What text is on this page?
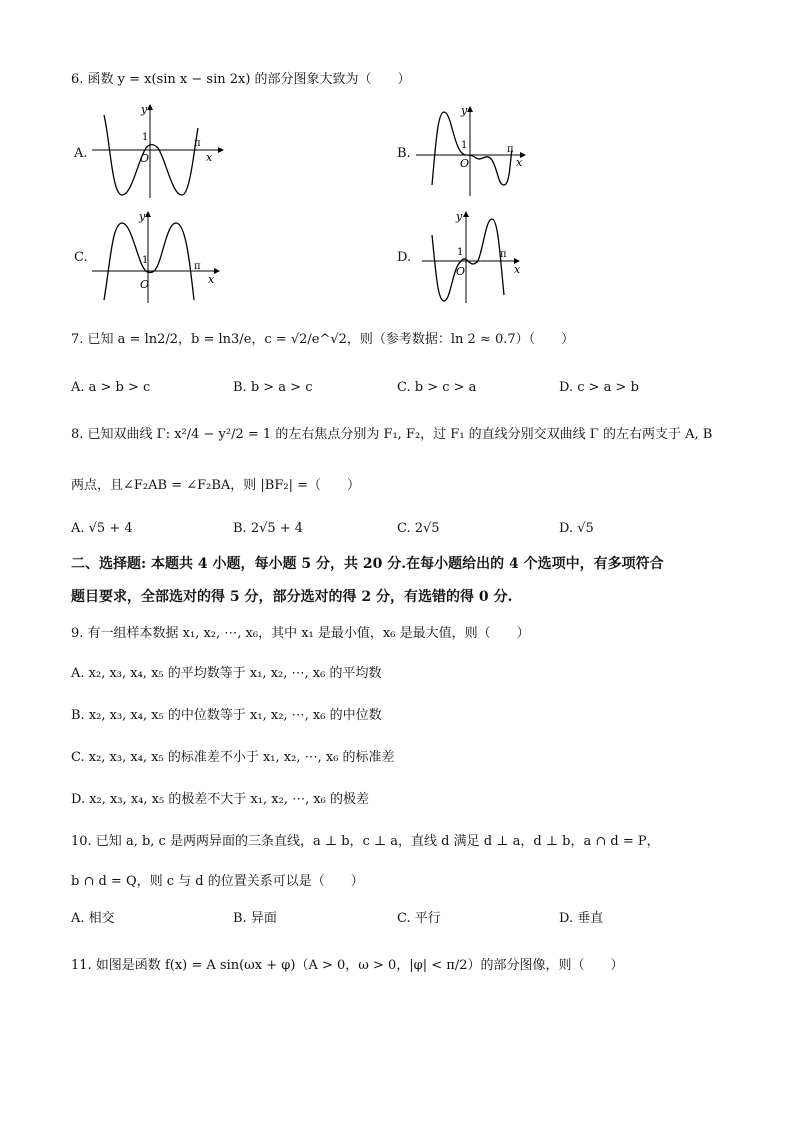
6. 函数 y = x(sin x − sin 2x) 的部分图象大致为（　　）
A.
y
x
O
1
π
B.
y
x
O
1	π
C.
y
x
O
1
π
D.
y
x
O
1	π
7. 已知 a = ln2/2，b = ln3/e，c = √2/e^√2，则（参考数据：ln 2 ≈ 0.7）（　　）
A. a > b > c	B. b > a > c	C. b > c > a	D. c > a > b
8. 已知双曲线 Γ: x²/4 − y²/2 = 1 的左右焦点分别为 F₁, F₂，过 F₁ 的直线分别交双曲线 Γ 的左右两支于 A, B
两点，且∠F₂AB = ∠F₂BA，则 |BF₂| =（　　）
A. √5 + 4	B. 2√5 + 4	C. 2√5	D. √5
二、选择题: 本题共 4 小题，每小题 5 分，共 20 分.在每小题给出的 4 个选项中，有多项符合
题目要求，全部选对的得 5 分，部分选对的得 2 分，有选错的得 0 分.
9. 有一组样本数据 x₁, x₂, ⋯, x₆，其中 x₁ 是最小值，x₆ 是最大值，则（　　）
A. x₂, x₃, x₄, x₅ 的平均数等于 x₁, x₂, ⋯, x₆ 的平均数
B. x₂, x₃, x₄, x₅ 的中位数等于 x₁, x₂, ⋯, x₆ 的中位数
C. x₂, x₃, x₄, x₅ 的标准差不小于 x₁, x₂, ⋯, x₆ 的标准差
D. x₂, x₃, x₄, x₅ 的极差不大于 x₁, x₂, ⋯, x₆ 的极差
10. 已知 a, b, c 是两两异面的三条直线，a ⊥ b，c ⊥ a，直线 d 满足 d ⊥ a，d ⊥ b，a ∩ d = P，
b ∩ d = Q，则 c 与 d 的位置关系可以是（　　）
A. 相交	B. 异面	C. 平行	D. 垂直
11. 如图是函数 f(x) = A sin(ωx + φ)（A > 0，ω > 0，|φ| < π/2）的部分图像，则（　　）
